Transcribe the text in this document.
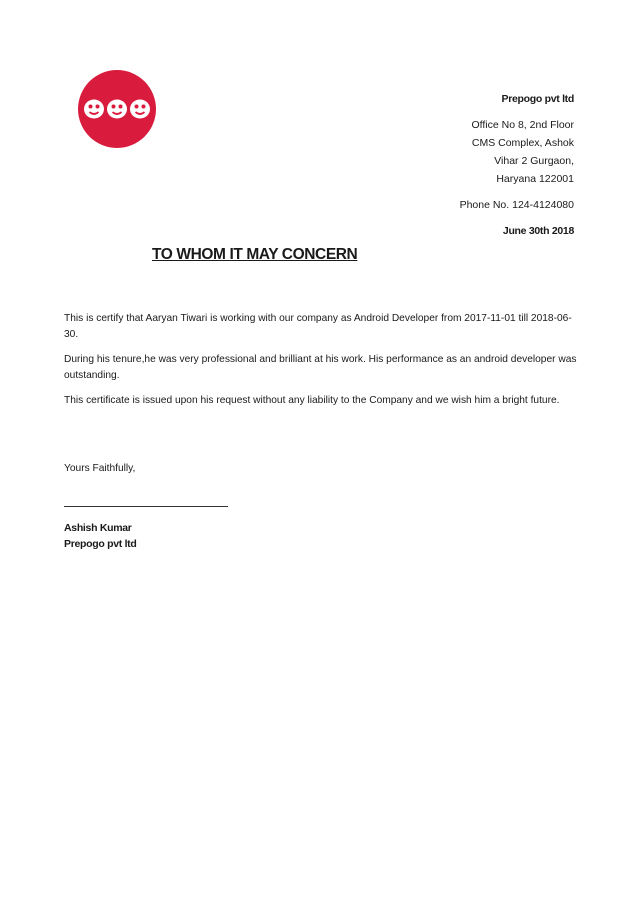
Prepogo pvt ltd
Office No 8, 2nd Floor
CMS Complex, Ashok
Vihar 2 Gurgaon,
Haryana 122001
Phone No. 124-4124080
June 30th 2018
TO WHOM IT MAY CONCERN

This is certify that Aaryan Tiwari is working with our company as Android Developer from 2017-11-01 till 2018-06-30.

During his tenure,he was very professional and brilliant at his work. His performance as an android developer was outstanding.

This certificate is issued upon his request without any liability to the Company and we wish him a bright future.

Yours Faithfully,

Ashish Kumar
Prepogo pvt ltd
